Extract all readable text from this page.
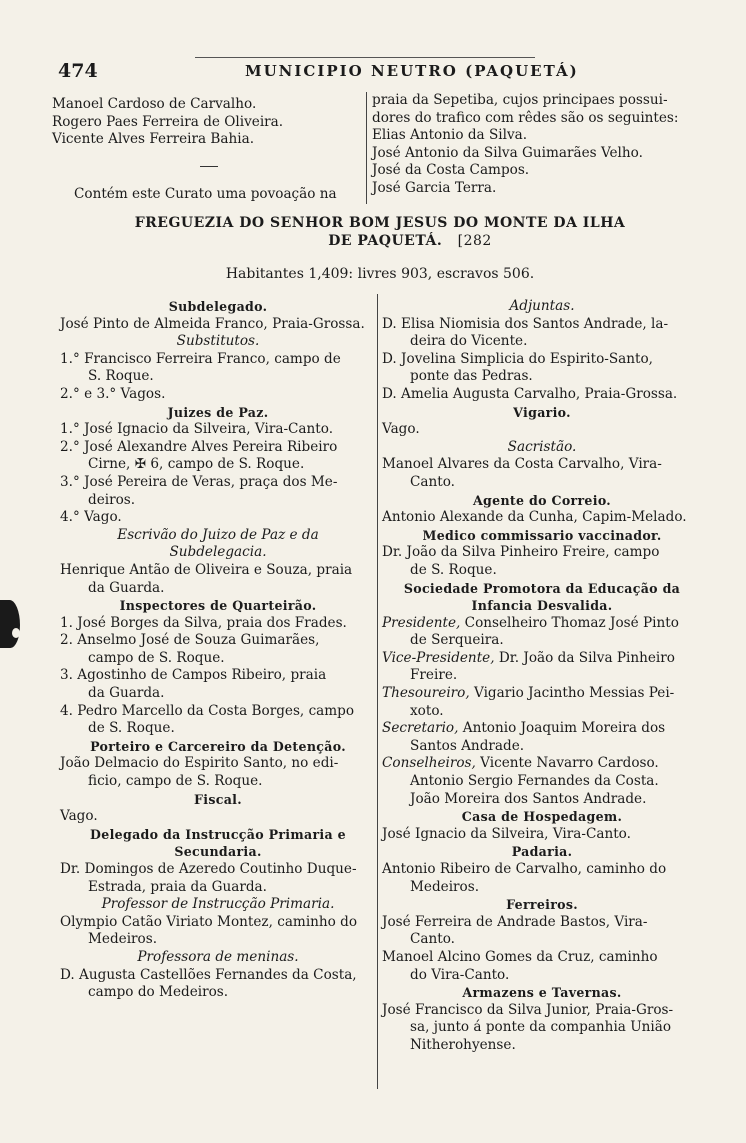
474	MUNICIPIO NEUTRO (PAQUETÁ)
Manoel Cardoso de Carvalho.
Rogero Paes Ferreira de Oliveira.
Vicente Alves Ferreira Bahia.
Contém este Curato uma povoação na
praia da Sepetiba, cujos principaes possui-
dores do trafico com rêdes são os seguintes:
Elias Antonio da Silva.
José Antonio da Silva Guimarães Velho.
José da Costa Campos.
José Garcia Terra.
FREGUEZIA DO SENHOR BOM JESUS DO MONTE DA ILHA
DE PAQUETÁ. [282
Habitantes 1,409: livres 903, escravos 506.
Subdelegado.
José Pinto de Almeida Franco, Praia-Grossa.
Substitutos.
1.° Francisco Ferreira Franco, campo de
S. Roque.
2.° e 3.° Vagos.
Juizes de Paz.
1.° José Ignacio da Silveira, Vira-Canto.
2.° José Alexandre Alves Pereira Ribeiro
Cirne, ✠ 6, campo de S. Roque.
3.° José Pereira de Veras, praça dos Me-
deiros.
4.° Vago.
Escrivão do Juizo de Paz e da
Subdelegacia.
Henrique Antão de Oliveira e Souza, praia
da Guarda.
Inspectores de Quarteirão.
1. José Borges da Silva, praia dos Frades.
2. Anselmo José de Souza Guimarães,
campo de S. Roque.
3. Agostinho de Campos Ribeiro, praia
da Guarda.
4. Pedro Marcello da Costa Borges, campo
de S. Roque.
Porteiro e Carcereiro da Detenção.
João Delmacio do Espirito Santo, no edi-
ficio, campo de S. Roque.
Fiscal.
Vago.
Delegado da Instrucção Primaria e
Secundaria.
Dr. Domingos de Azeredo Coutinho Duque-
Estrada, praia da Guarda.
Professor de Instrucção Primaria.
Olympio Catão Viriato Montez, caminho do
Medeiros.
Professora de meninas.
D. Augusta Castellões Fernandes da Costa,
campo do Medeiros.
Adjuntas.
D. Elisa Niomisia dos Santos Andrade, la-
deira do Vicente.
D. Jovelina Simplicia do Espirito-Santo,
ponte das Pedras.
D. Amelia Augusta Carvalho, Praia-Grossa.
Vigario.
Vago.
Sacristão.
Manoel Alvares da Costa Carvalho, Vira-
Canto.
Agente do Correio.
Antonio Alexande da Cunha, Capim-Melado.
Medico commissario vaccinador.
Dr. João da Silva Pinheiro Freire, campo
de S. Roque.
Sociedade Promotora da Educação da
Infancia Desvalida.
Presidente, Conselheiro Thomaz José Pinto
de Serqueira.
Vice-Presidente, Dr. João da Silva Pinheiro
Freire.
Thesoureiro, Vigario Jacintho Messias Pei-
xoto.
Secretario, Antonio Joaquim Moreira dos
Santos Andrade.
Conselheiros, Vicente Navarro Cardoso.
Antonio Sergio Fernandes da Costa.
João Moreira dos Santos Andrade.
Casa de Hospedagem.
José Ignacio da Silveira, Vira-Canto.
Padaria.
Antonio Ribeiro de Carvalho, caminho do
Medeiros.
Ferreiros.
José Ferreira de Andrade Bastos, Vira-
Canto.
Manoel Alcino Gomes da Cruz, caminho
do Vira-Canto.
Armazens e Tavernas.
José Francisco da Silva Junior, Praia-Gros-
sa, junto á ponte da companhia União
Nitherohyense.
